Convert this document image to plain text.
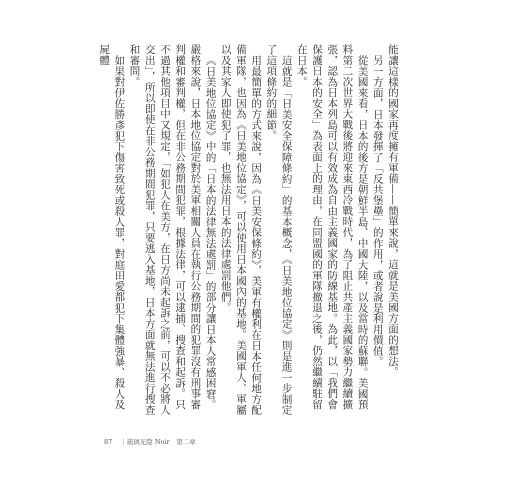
能讓這樣的國家再度擁有軍備——簡單來說，這就是美國方面的想法。

另一方面，日本發揮了「反共堡壘」的作用，或者說是利用價值。

從美國來看，日本的後方是朝鮮半島、中國大陸，以及當時的蘇聯。美國預料第二次世界大戰後將迎來東西冷戰時代，為了阻止共產主義國家勢力繼續擴張，認為日本列島可以有效成為自由主義國家的防線基地。為此，以「我們會保護日本的安全」為表面上的理由，在同盟國的軍隊撤退之後，仍然繼續駐留在日本。

這就是「日美安全保障條約」的基本概念，《日美地位協定》則是進一步制定了這項條約的細節。

用最簡單的方式來說，因為《日美安保條約》，美軍有權利在日本任何地方配備軍隊，也因為《日美地位協定》，可以使用日本國內的基地。美國軍人、軍屬以及其家人即使犯了罪，也無法用日本的法律處罰他們。

《日美地位協定》中的「日本的法律無法處罰」的部分讓日本人常感困窘。嚴格來說，日本地位協定對於美軍相關人員在執行公務期間的犯罪沒有刑事審判權和審判權，但在非公務期間犯罪，根據法律，可以逮捕、搜查和起訴。只不過其他項目中又規定，「如犯人在美方，在日方尚未起訴之前，可以不必將人交出」，所以即使在非公務期間犯罪，只要逃入基地，日本方面就無法進行搜查和審問。

如果對伊佐勝彥犯下傷害致死或殺人罪，對庭田愛都犯下集體強暴、殺人及屍體

87 ｜琉璃光陰 Noir　第二章
